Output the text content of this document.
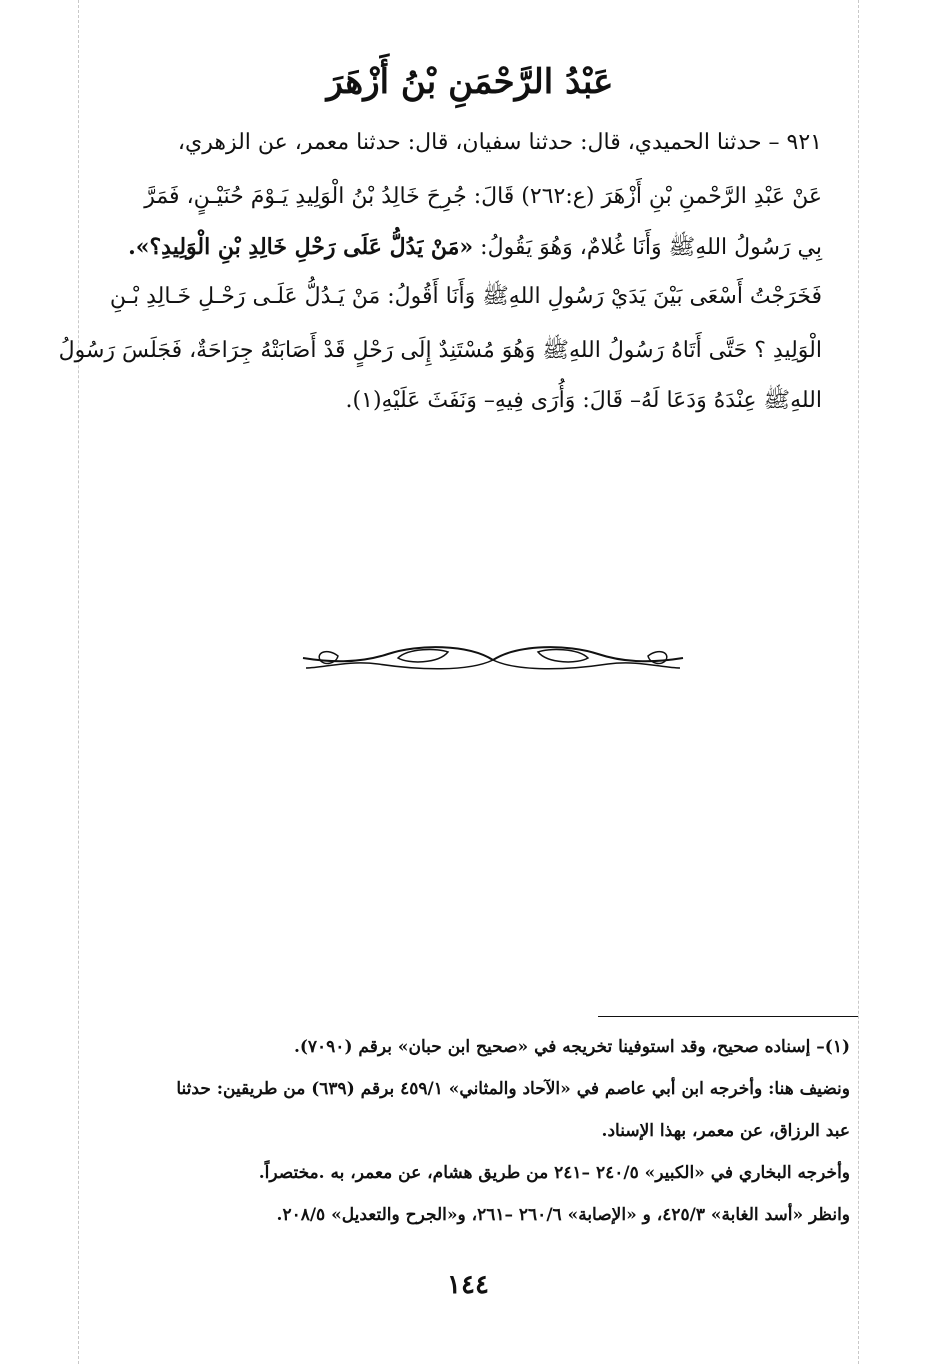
عَبْدُ الرَّحْمَنِ بْنُ أَزْهَرَ
٩٢١ – حدثنا الحميدي، قال: حدثنا سفيان، قال: حدثنا معمر، عن الزهري،
عَنْ عَبْدِ الرَّحْمنِ بْنِ أَزْهَرَ (ع:٢٦٢) قَالَ: جُرِحَ خَالِدُ بْنُ الْوَلِيدِ يَـوْمَ حُنَيْـنٍ، فَمَرَّ
بِي رَسُولُ اللهِﷺ وَأَنَا غُلامٌ، وَهُوَ يَقُولُ: «مَنْ يَدُلُّ عَلَى رَحْلِ خَالِدِ بْنِ الْوَلِيدِ؟».
فَخَرَجْتُ أَسْعَى بَيْنَ يَدَيْ رَسُولِ اللهِﷺ وَأَنَا أَقُولُ: مَنْ يَـدُلُّ عَلَـى رَحْـلِ خَـالِدِ بْـنِ
الْوَلِيدِ ؟ حَتَّى أَتَاهُ رَسُولُ اللهِﷺ وَهُوَ مُسْتَنِدٌ إِلَى رَحْلٍ قَدْ أَصَابَتْهُ جِرَاحَةٌ، فَجَلَسَ رَسُولُ
اللهِﷺ عِنْدَهُ وَدَعَا لَهُ– قَالَ: وَأُرَى فِيهِ– وَنَفَثَ عَلَيْهِ(١).
(١)– إسناده صحيح، وقد استوفينا تخريجه في «صحيح ابن حبان» برقم (٧٠٩٠).
ونضيف هنا: وأخرجه ابن أبي عاصم في «الآحاد والمثاني» ٤٥٩/١ برقم (٦٣٩) من طريقين: حدثنا
عبد الرزاق، عن معمر، بهذا الإسناد.
وأخرجه البخاري في «الكبير» ٢٤٠/٥ –٢٤١ من طريق هشام، عن معمر، به .مختصراً.
وانظر «أسد الغابة» ٤٢٥/٣، و «الإصابة» ٢٦٠/٦ –٢٦١، و«الجرح والتعديل» ٢٠٨/٥.
١٤٤
